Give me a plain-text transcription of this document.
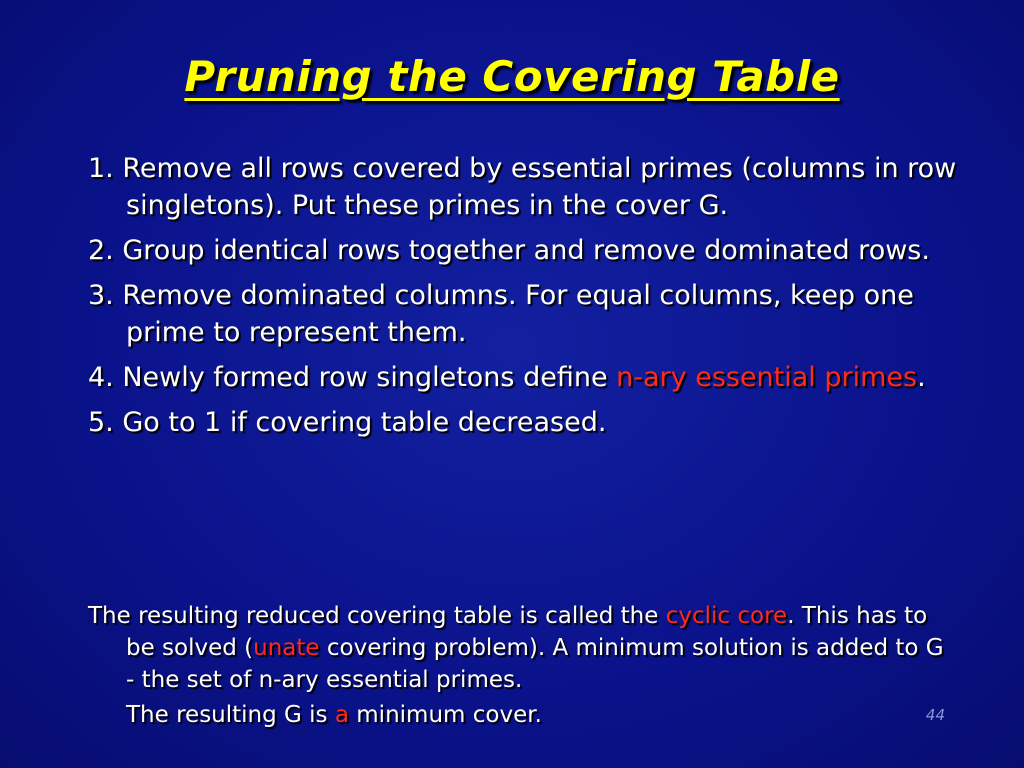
Pruning the Covering Table
1. Remove all rows covered by essential primes (columns in row singletons). Put these primes in the cover G.
2. Group identical rows together and remove dominated rows.
3. Remove dominated columns. For equal columns, keep one prime to represent them.
4. Newly formed row singletons define n-ary essential primes.
5. Go to 1 if covering table decreased.

The resulting reduced covering table is called the cyclic core. This has to be solved (unate covering problem). A minimum solution is added to G - the set of n-ary essential primes.

The resulting G is a minimum cover.	44
